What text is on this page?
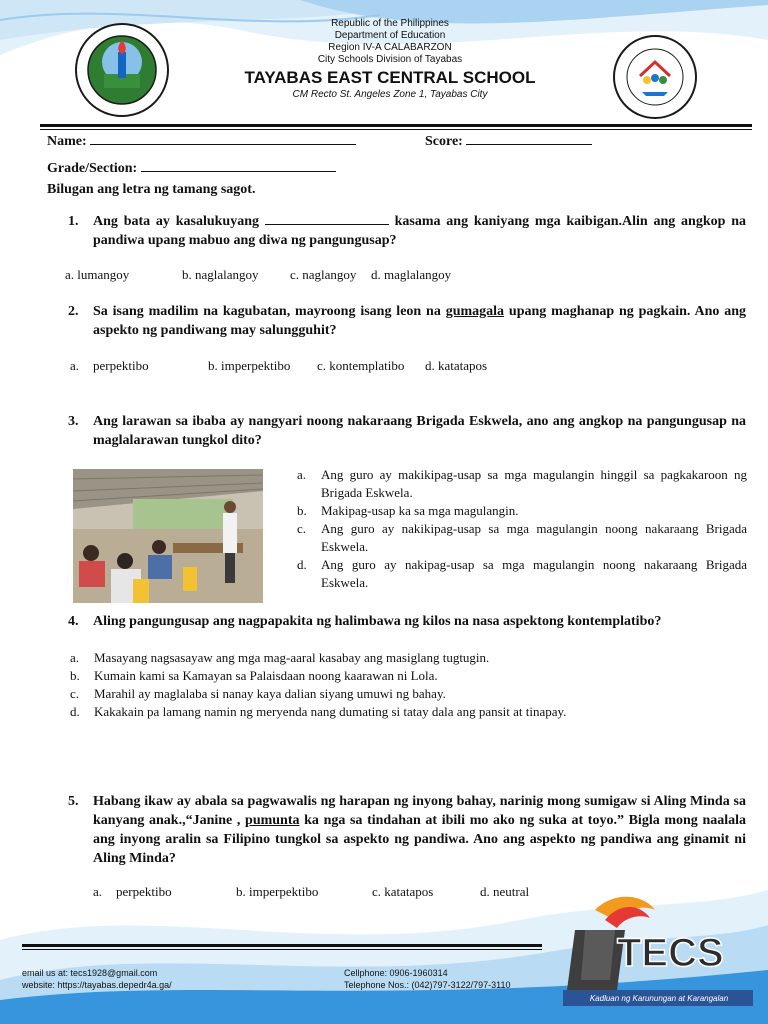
Republic of the Philippines
Department of Education
Region IV-A CALABARZON
City Schools Division of Tayabas
TAYABAS EAST CENTRAL SCHOOL
CM Recto St. Angeles Zone 1, Tayabas City
Name:	Score:
Grade/Section:
Bilugan ang letra ng tamang sagot.
1. Ang bata ay kasalukuyang	kasama ang kaniyang mga kaibigan.Alin ang angkop na pandiwa upang mabuo ang diwa ng pangungusap?
a. lumangoy	b. naglalangoy c. naglangoy d. maglalangoy
2. Sa isang madilim na kagubatan, mayroong isang leon na gumagala upang maghanap ng pagkain. Ano ang aspekto ng pandiwang may salungguhit?
a. perpektibo	b. imperpektibo c. kontemplatibo d. katatapos
3. Ang larawan sa ibaba ay nangyari noong nakaraang Brigada Eskwela, ano ang angkop na pangungusap na maglalarawan tungkol dito?
a. Ang guro ay makikipag-usap sa mga magulangin hinggil sa pagkakaroon ng Brigada Eskwela.
b. Makipag-usap ka sa mga magulangin.
c. Ang guro ay nakikipag-usap sa mga magulangin noong nakaraang Brigada Eskwela.
d. Ang guro ay nakipag-usap sa mga magulangin noong nakaraang Brigada Eskwela.
4. Aling pangungusap ang nagpapakita ng halimbawa ng kilos na nasa aspektong kontemplatibo?
a. Masayang nagsasayaw ang mga mag-aaral kasabay ang masiglang tugtugin.
b. Kumain kami sa Kamayan sa Palaisdaan noong kaarawan ni Lola.
c. Marahil ay maglalaba si nanay kaya dalian siyang umuwi ng bahay.
d. Kakakain pa lamang namin ng meryenda nang dumating si tatay dala ang pansit at tinapay.
5. Habang ikaw ay abala sa pagwawalis ng harapan ng inyong bahay, narinig mong sumigaw si Aling Minda sa kanyang anak.,“Janine , pumunta ka nga sa tindahan at ibili mo ako ng suka at toyo.” Bigla mong naalala ang inyong aralin sa Filipino tungkol sa aspekto ng pandiwa. Ano ang aspekto ng pandiwa ang ginamit ni Aling Minda?
a. perpektibo	b. imperpektibo	c. katatapos	d. neutral
email us at: tecs1928@gmail.com
website: https://tayabas.depedr4a.ga/
Cellphone: 0906-1960314
Telephone Nos.: (042)797-3122/797-3110
TECS
Kadluan ng Karunungan at Karangalan
